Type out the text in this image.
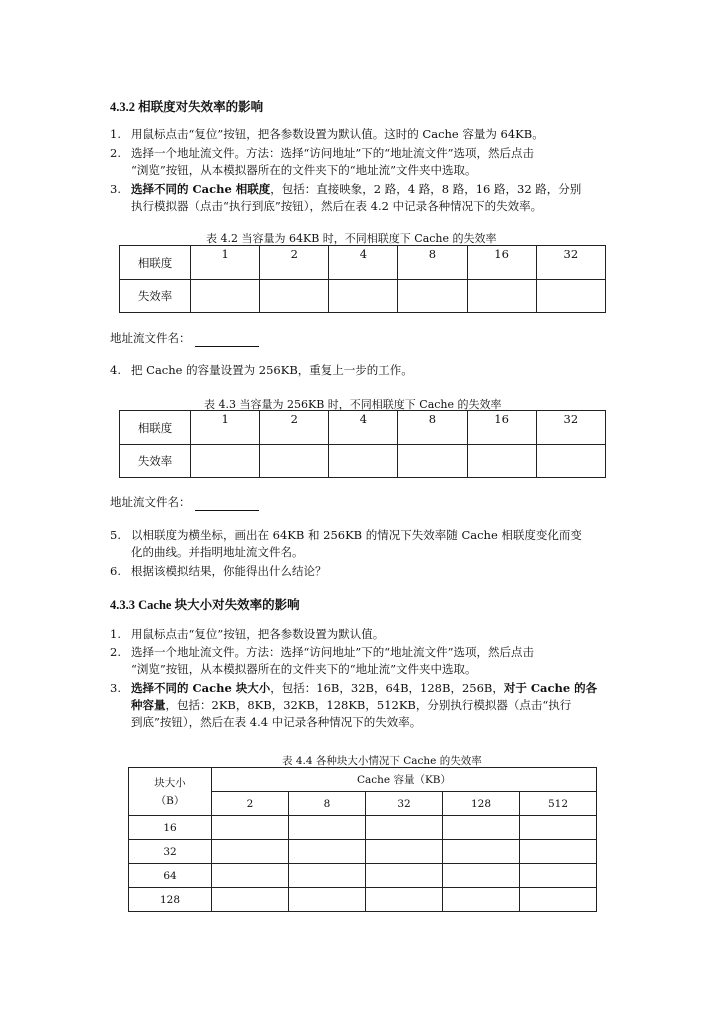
4.3.2 相联度对失效率的影响
1. 用鼠标点击“复位”按钮，把各参数设置为默认值。这时的 Cache 容量为 64KB。
2. 选择一个地址流文件。方法：选择“访问地址”下的“地址流文件”选项，然后点击
“浏览”按钮，从本模拟器所在的文件夹下的“地址流”文件夹中选取。
3. 选择不同的 Cache 相联度，包括：直接映象，2 路，4 路，8 路，16 路，32 路，分别
执行模拟器（点击“执行到底”按钮），然后在表 4.2 中记录各种情况下的失效率。
表 4.2 当容量为 64KB 时，不同相联度下 Cache 的失效率
相联度	1	2	4	8	16	32
失效率						
地址流文件名：
4. 把 Cache 的容量设置为 256KB，重复上一步的工作。
表 4.3 当容量为 256KB 时，不同相联度下 Cache 的失效率
相联度	1	2	4	8	16	32
失效率						
地址流文件名：
5. 以相联度为横坐标，画出在 64KB 和 256KB 的情况下失效率随 Cache 相联度变化而变
化的曲线。并指明地址流文件名。
6. 根据该模拟结果，你能得出什么结论？
4.3.3 Cache 块大小对失效率的影响
1. 用鼠标点击“复位”按钮，把各参数设置为默认值。
2. 选择一个地址流文件。方法：选择“访问地址”下的“地址流文件”选项，然后点击
“浏览”按钮，从本模拟器所在的文件夹下的“地址流”文件夹中选取。
3. 选择不同的 Cache 块大小，包括：16B，32B，64B，128B，256B，对于 Cache 的各
种容量，包括：2KB，8KB，32KB，128KB，512KB，分别执行模拟器（点击“执行
到底”按钮），然后在表 4.4 中记录各种情况下的失效率。
表 4.4 各种块大小情况下 Cache 的失效率
块大小
（B）	Cache 容量（KB）				
	2	8	32	128	512
16					
32					
64					
128					
